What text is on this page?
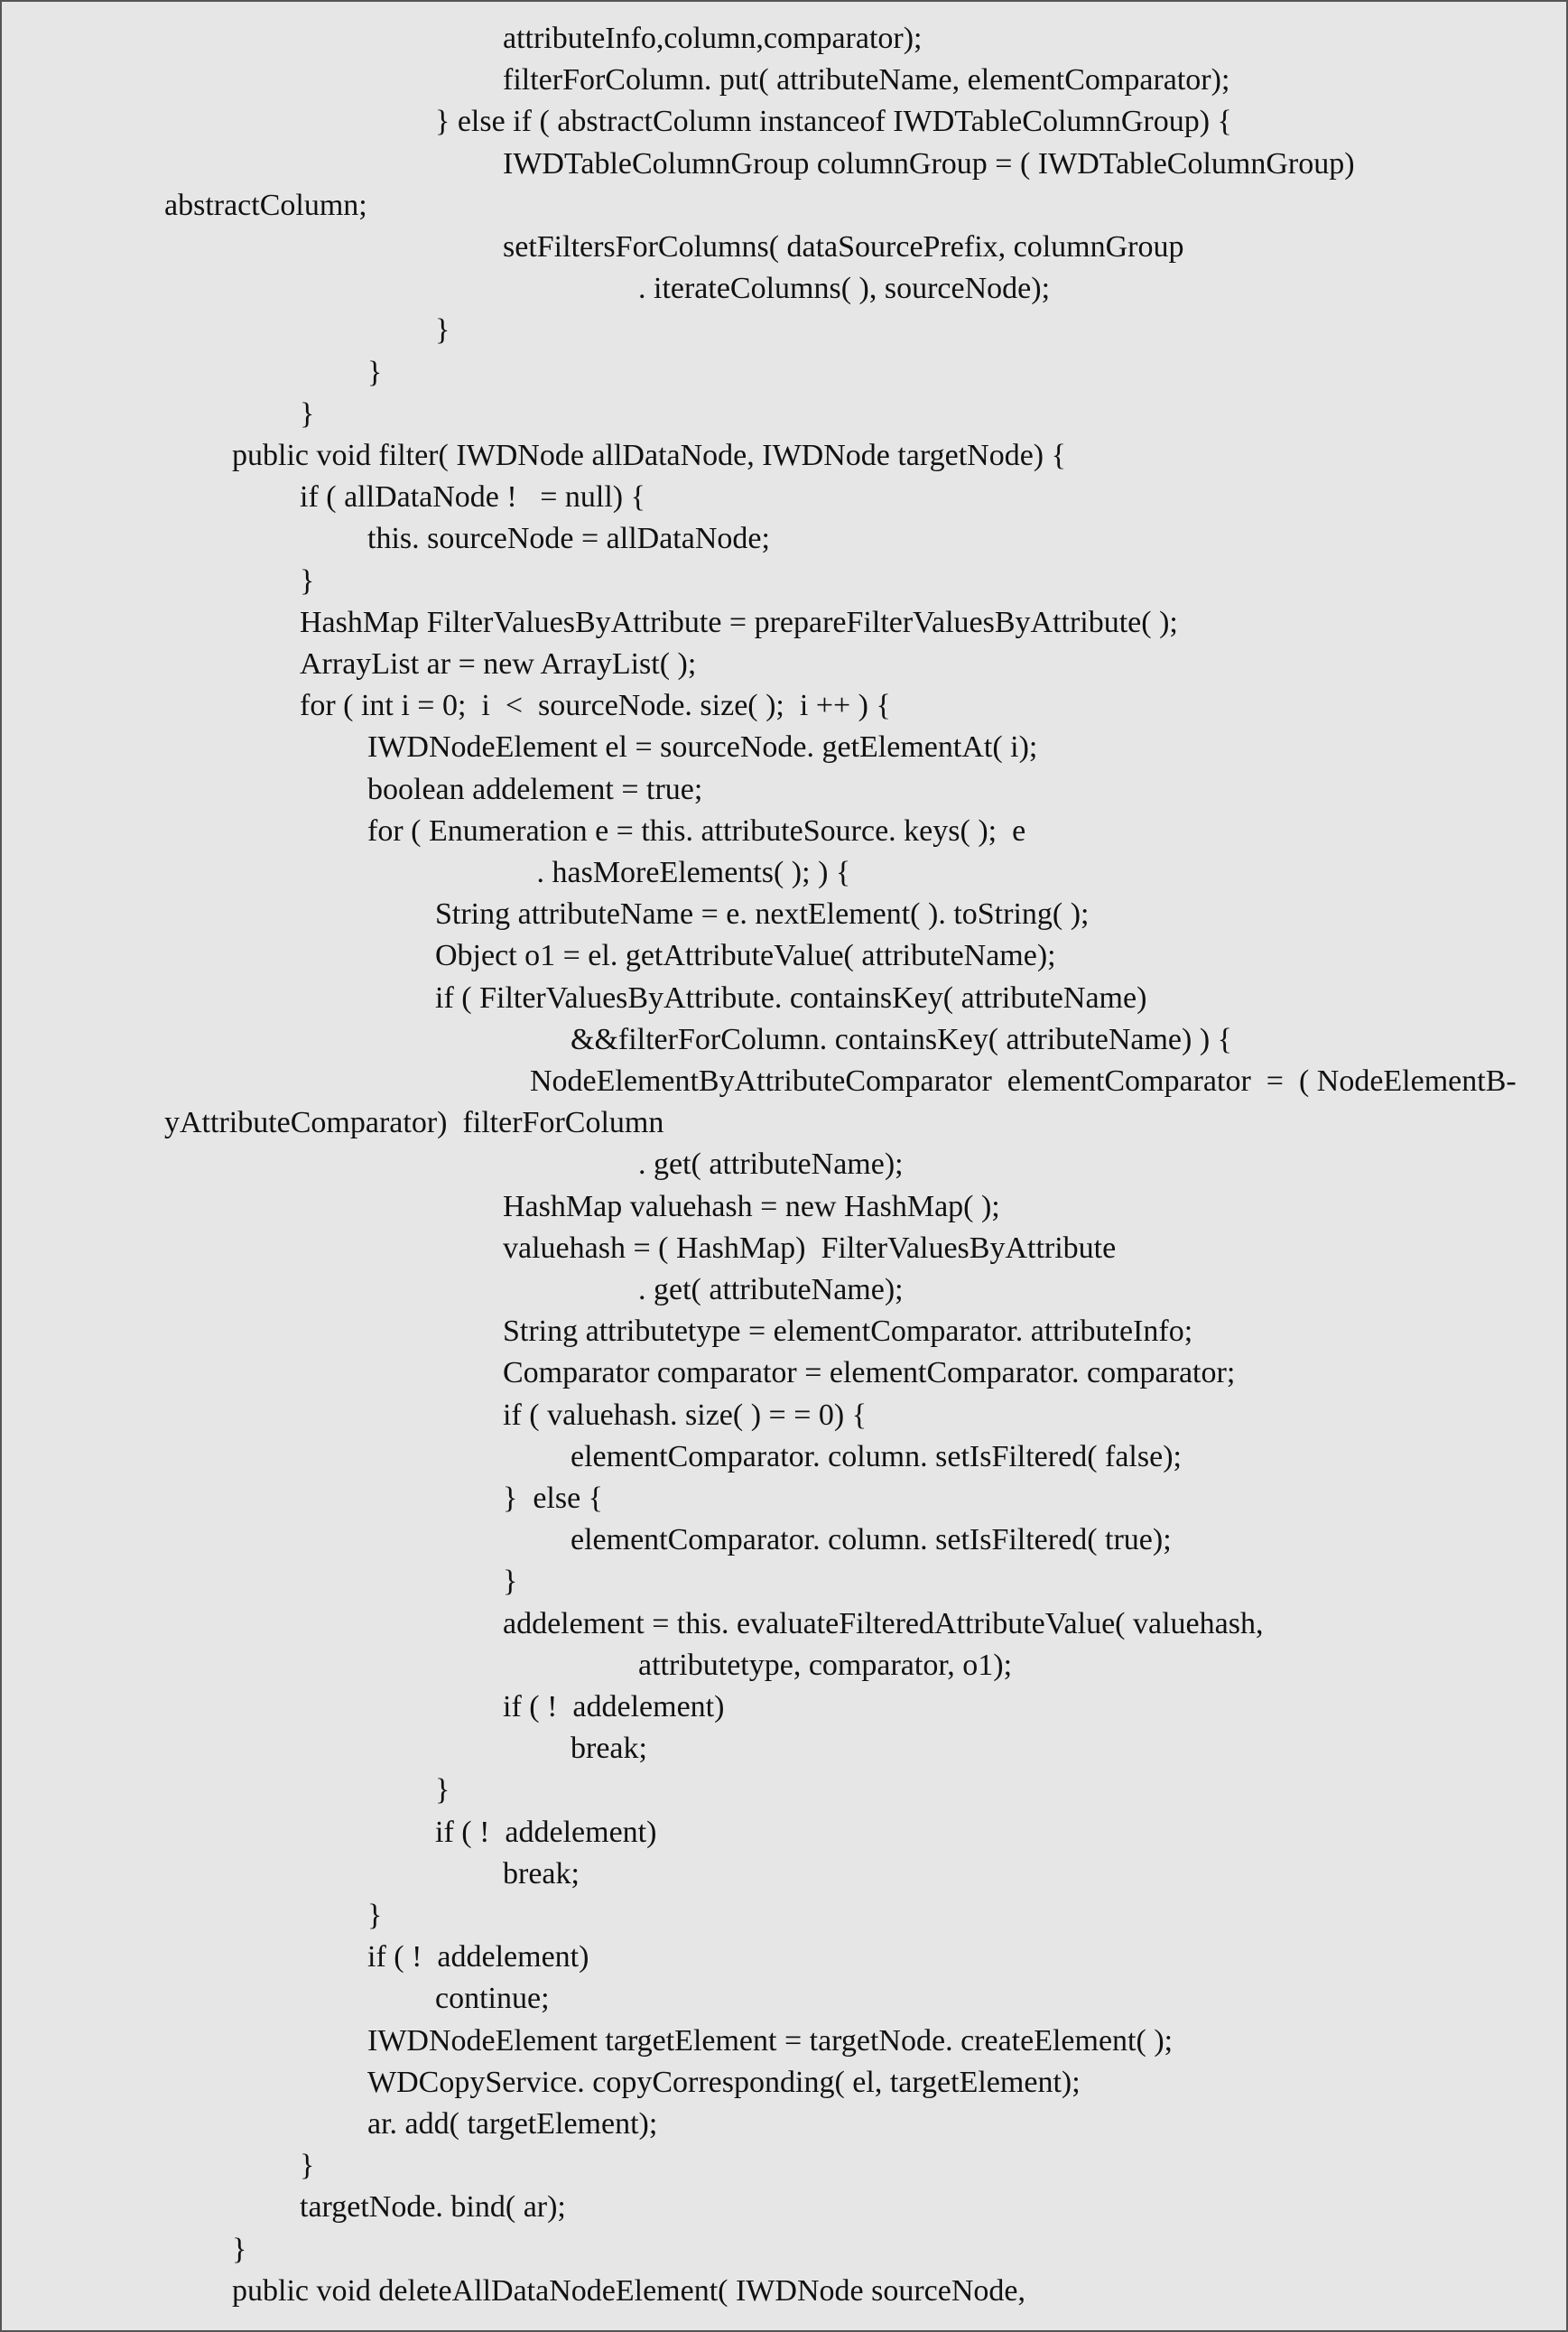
attributeInfo,column,comparator);
filterForColumn. put( attributeName, elementComparator);
} else if ( abstractColumn instanceof IWDTableColumnGroup) {
IWDTableColumnGroup columnGroup = ( IWDTableColumnGroup)
abstractColumn;
setFiltersForColumns( dataSourcePrefix, columnGroup
. iterateColumns( ), sourceNode);
}
}
}
public void filter( IWDNode allDataNode, IWDNode targetNode) {
if ( allDataNode !   = null) {
this. sourceNode = allDataNode;
}
HashMap FilterValuesByAttribute = prepareFilterValuesByAttribute( );
ArrayList ar = new ArrayList( );
for ( int i = 0;  i  <  sourceNode. size( );  i ++ ) {
IWDNodeElement el = sourceNode. getElementAt( i);
boolean addelement = true;
for ( Enumeration e = this. attributeSource. keys( );  e
. hasMoreElements( ); ) {
String attributeName = e. nextElement( ). toString( );
Object o1 = el. getAttributeValue( attributeName);
if ( FilterValuesByAttribute. containsKey( attributeName)
&&filterForColumn. containsKey( attributeName) ) {
NodeElementByAttributeComparator  elementComparator  =  ( NodeElementB-
yAttributeComparator)  filterForColumn
. get( attributeName);
HashMap valuehash = new HashMap( );
valuehash = ( HashMap)  FilterValuesByAttribute
. get( attributeName);
String attributetype = elementComparator. attributeInfo;
Comparator comparator = elementComparator. comparator;
if ( valuehash. size( ) = = 0) {
elementComparator. column. setIsFiltered( false);
}  else {
elementComparator. column. setIsFiltered( true);
}
addelement = this. evaluateFilteredAttributeValue( valuehash,
attributetype, comparator, o1);
if ( !  addelement)
break;
}
if ( !  addelement)
break;
}
if ( !  addelement)
continue;
IWDNodeElement targetElement = targetNode. createElement( );
WDCopyService. copyCorresponding( el, targetElement);
ar. add( targetElement);
}
targetNode. bind( ar);
}
public void deleteAllDataNodeElement( IWDNode sourceNode,
